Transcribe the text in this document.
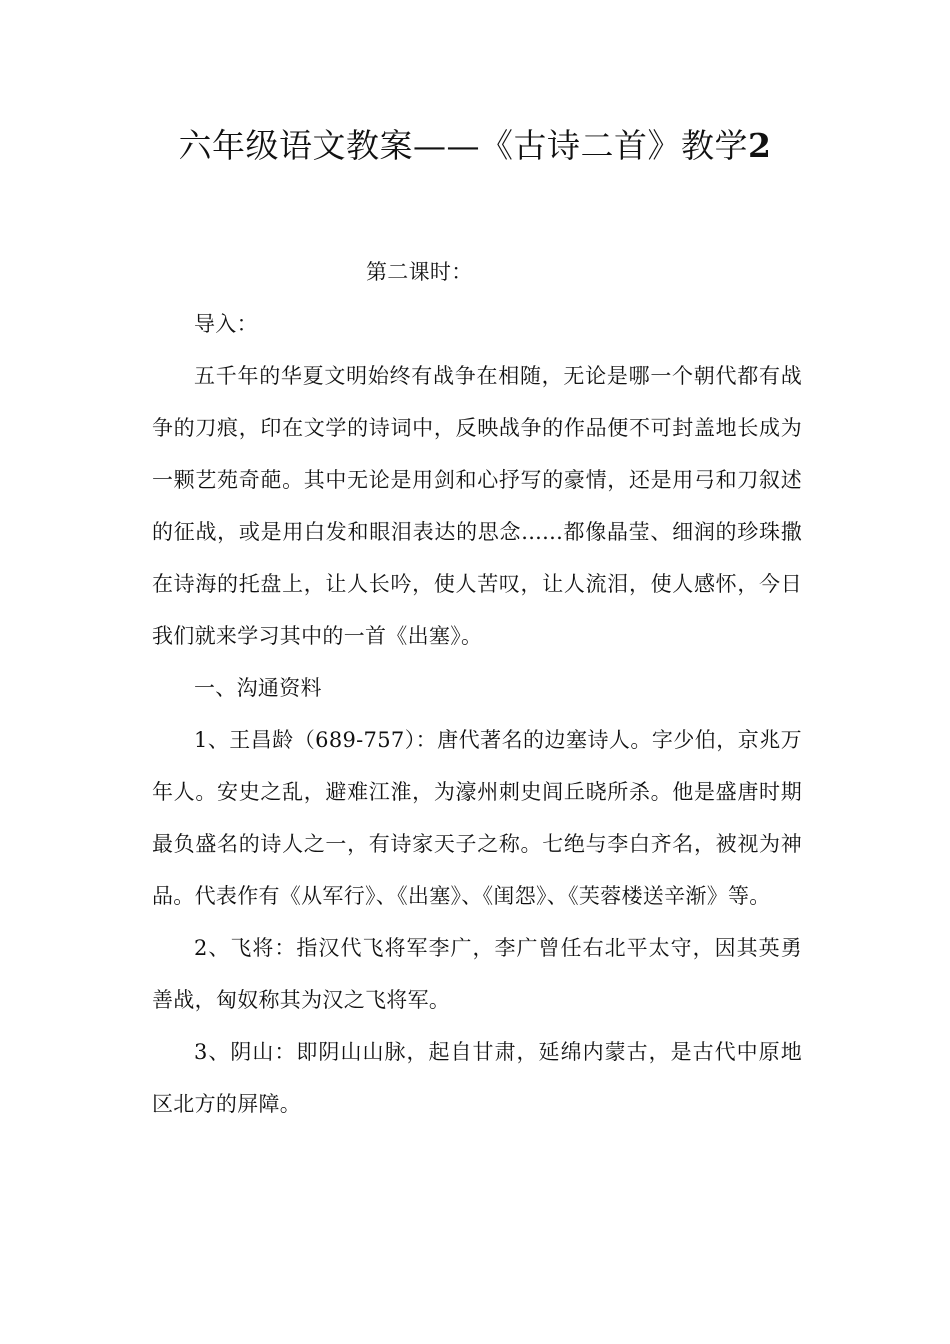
六年级语文教案——《古诗二首》教学2

第二课时：

导入：

五千年的华夏文明始终有战争在相随，无论是哪一个朝代都有战争的刀痕，印在文学的诗词中，反映战争的作品便不可封盖地长成为一颗艺苑奇葩。其中无论是用剑和心抒写的豪情，还是用弓和刀叙述的征战，或是用白发和眼泪表达的思念......都像晶莹、细润的珍珠撒在诗海的托盘上，让人长吟，使人苦叹，让人流泪，使人感怀，今日我们就来学习其中的一首《出塞》。

一、沟通资料

1、王昌龄（689-757）：唐代著名的边塞诗人。字少伯，京兆万年人。安史之乱，避难江淮，为濠州刺史闾丘晓所杀。他是盛唐时期最负盛名的诗人之一，有诗家天子之称。七绝与李白齐名，被视为神品。代表作有《从军行》、《出塞》、《闺怨》、《芙蓉楼送辛渐》等。

2、飞将：指汉代飞将军李广，李广曾任右北平太守，因其英勇善战，匈奴称其为汉之飞将军。

3、阴山：即阴山山脉，起自甘肃，延绵内蒙古，是古代中原地区北方的屏障。
